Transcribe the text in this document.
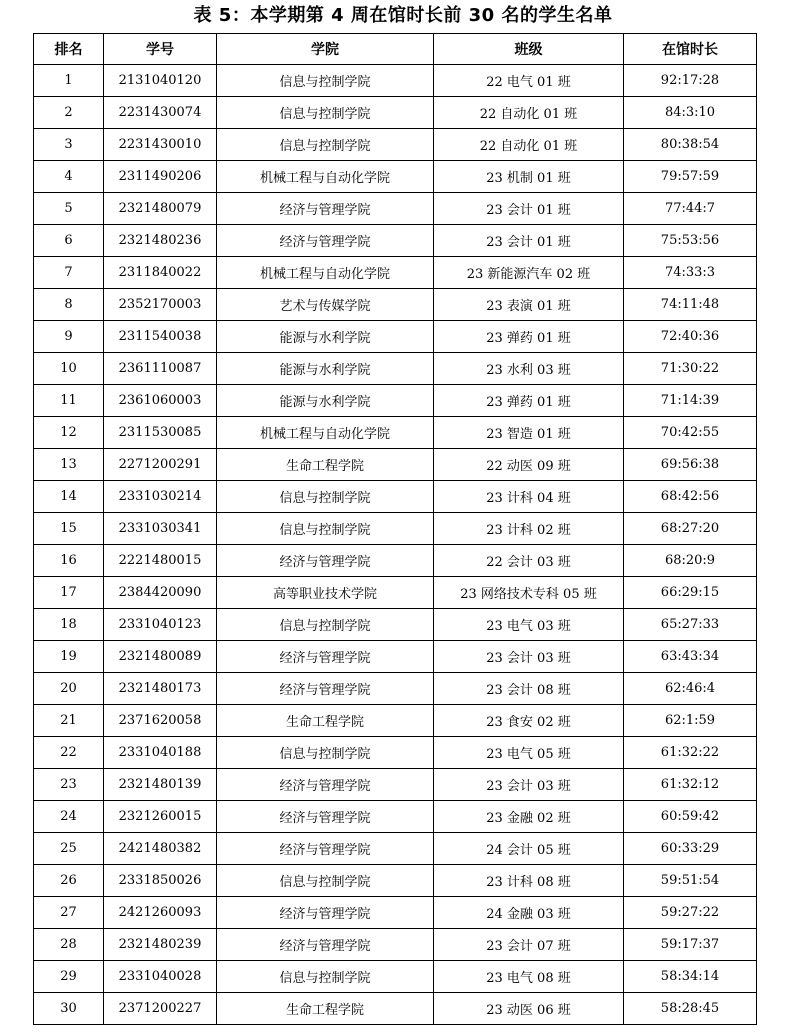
表 5：本学期第 4 周在馆时长前 30 名的学生名单
排名	学号	学院	班级	在馆时长
1	2131040120	信息与控制学院	22 电气 01 班	92:17:28
2	2231430074	信息与控制学院	22 自动化 01 班	84:3:10
3	2231430010	信息与控制学院	22 自动化 01 班	80:38:54
4	2311490206	机械工程与自动化学院	23 机制 01 班	79:57:59
5	2321480079	经济与管理学院	23 会计 01 班	77:44:7
6	2321480236	经济与管理学院	23 会计 01 班	75:53:56
7	2311840022	机械工程与自动化学院	23 新能源汽车 02 班	74:33:3
8	2352170003	艺术与传媒学院	23 表演 01 班	74:11:48
9	2311540038	能源与水利学院	23 弹药 01 班	72:40:36
10	2361110087	能源与水利学院	23 水利 03 班	71:30:22
11	2361060003	能源与水利学院	23 弹药 01 班	71:14:39
12	2311530085	机械工程与自动化学院	23 智造 01 班	70:42:55
13	2271200291	生命工程学院	22 动医 09 班	69:56:38
14	2331030214	信息与控制学院	23 计科 04 班	68:42:56
15	2331030341	信息与控制学院	23 计科 02 班	68:27:20
16	2221480015	经济与管理学院	22 会计 03 班	68:20:9
17	2384420090	高等职业技术学院	23 网络技术专科 05 班	66:29:15
18	2331040123	信息与控制学院	23 电气 03 班	65:27:33
19	2321480089	经济与管理学院	23 会计 03 班	63:43:34
20	2321480173	经济与管理学院	23 会计 08 班	62:46:4
21	2371620058	生命工程学院	23 食安 02 班	62:1:59
22	2331040188	信息与控制学院	23 电气 05 班	61:32:22
23	2321480139	经济与管理学院	23 会计 03 班	61:32:12
24	2321260015	经济与管理学院	23 金融 02 班	60:59:42
25	2421480382	经济与管理学院	24 会计 05 班	60:33:29
26	2331850026	信息与控制学院	23 计科 08 班	59:51:54
27	2421260093	经济与管理学院	24 金融 03 班	59:27:22
28	2321480239	经济与管理学院	23 会计 07 班	59:17:37
29	2331040028	信息与控制学院	23 电气 08 班	58:34:14
30	2371200227	生命工程学院	23 动医 06 班	58:28:45
